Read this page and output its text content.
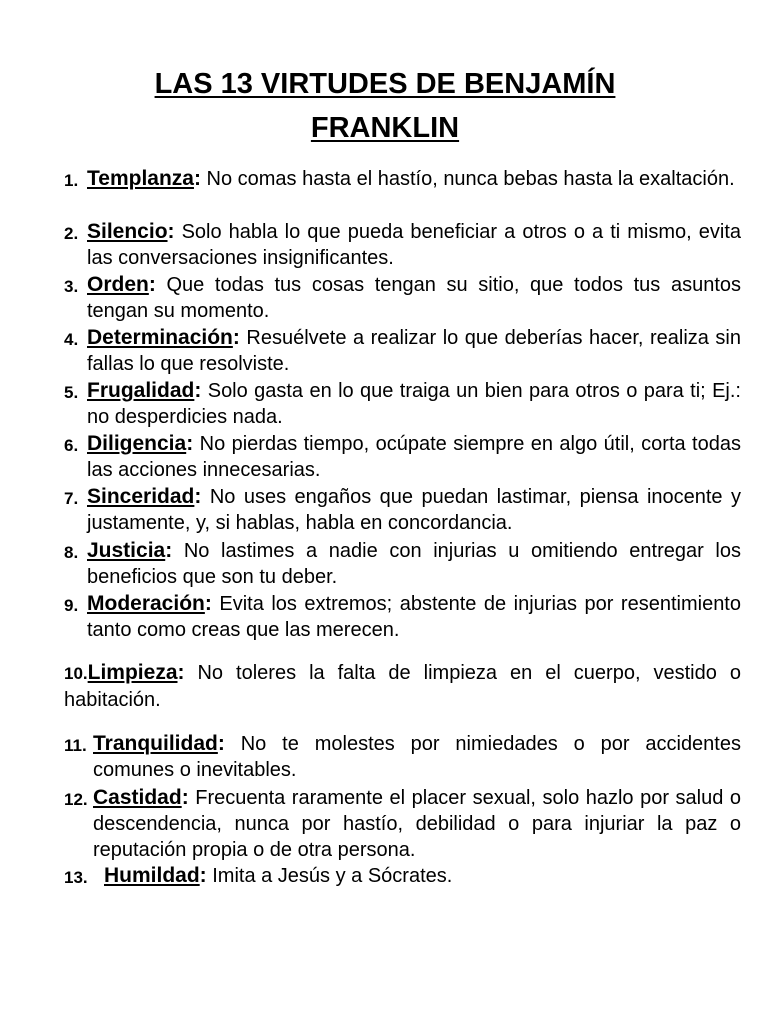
LAS 13 VIRTUDES DE BENJAMÍN
FRANKLIN
1. Templanza: No comas hasta el hastío, nunca bebas hasta la exaltación.
2. Silencio: Solo habla lo que pueda beneficiar a otros o a ti mismo, evita las conversaciones insignificantes.
3. Orden: Que todas tus cosas tengan su sitio, que todos tus asuntos tengan su momento.
4. Determinación: Resuélvete a realizar lo que deberías hacer, realiza sin fallas lo que resolviste.
5. Frugalidad: Solo gasta en lo que traiga un bien para otros o para ti; Ej.: no desperdicies nada.
6. Diligencia: No pierdas tiempo, ocúpate siempre en algo útil, corta todas las acciones innecesarias.
7. Sinceridad: No uses engaños que puedan lastimar, piensa inocente y justamente, y, si hablas, habla en concordancia.
8. Justicia: No lastimes a nadie con injurias u omitiendo entregar los beneficios que son tu deber.
9. Moderación: Evita los extremos; abstente de injurias por resentimiento tanto como creas que las merecen.
10.Limpieza: No toleres la falta de limpieza en el cuerpo, vestido o habitación.
11. Tranquilidad: No te molestes por nimiedades o por accidentes comunes o inevitables.
12. Castidad: Frecuenta raramente el placer sexual, solo hazlo por salud o descendencia, nunca por hastío, debilidad o para injuriar la paz o reputación propia o de otra persona.
13. Humildad: Imita a Jesús y a Sócrates.
